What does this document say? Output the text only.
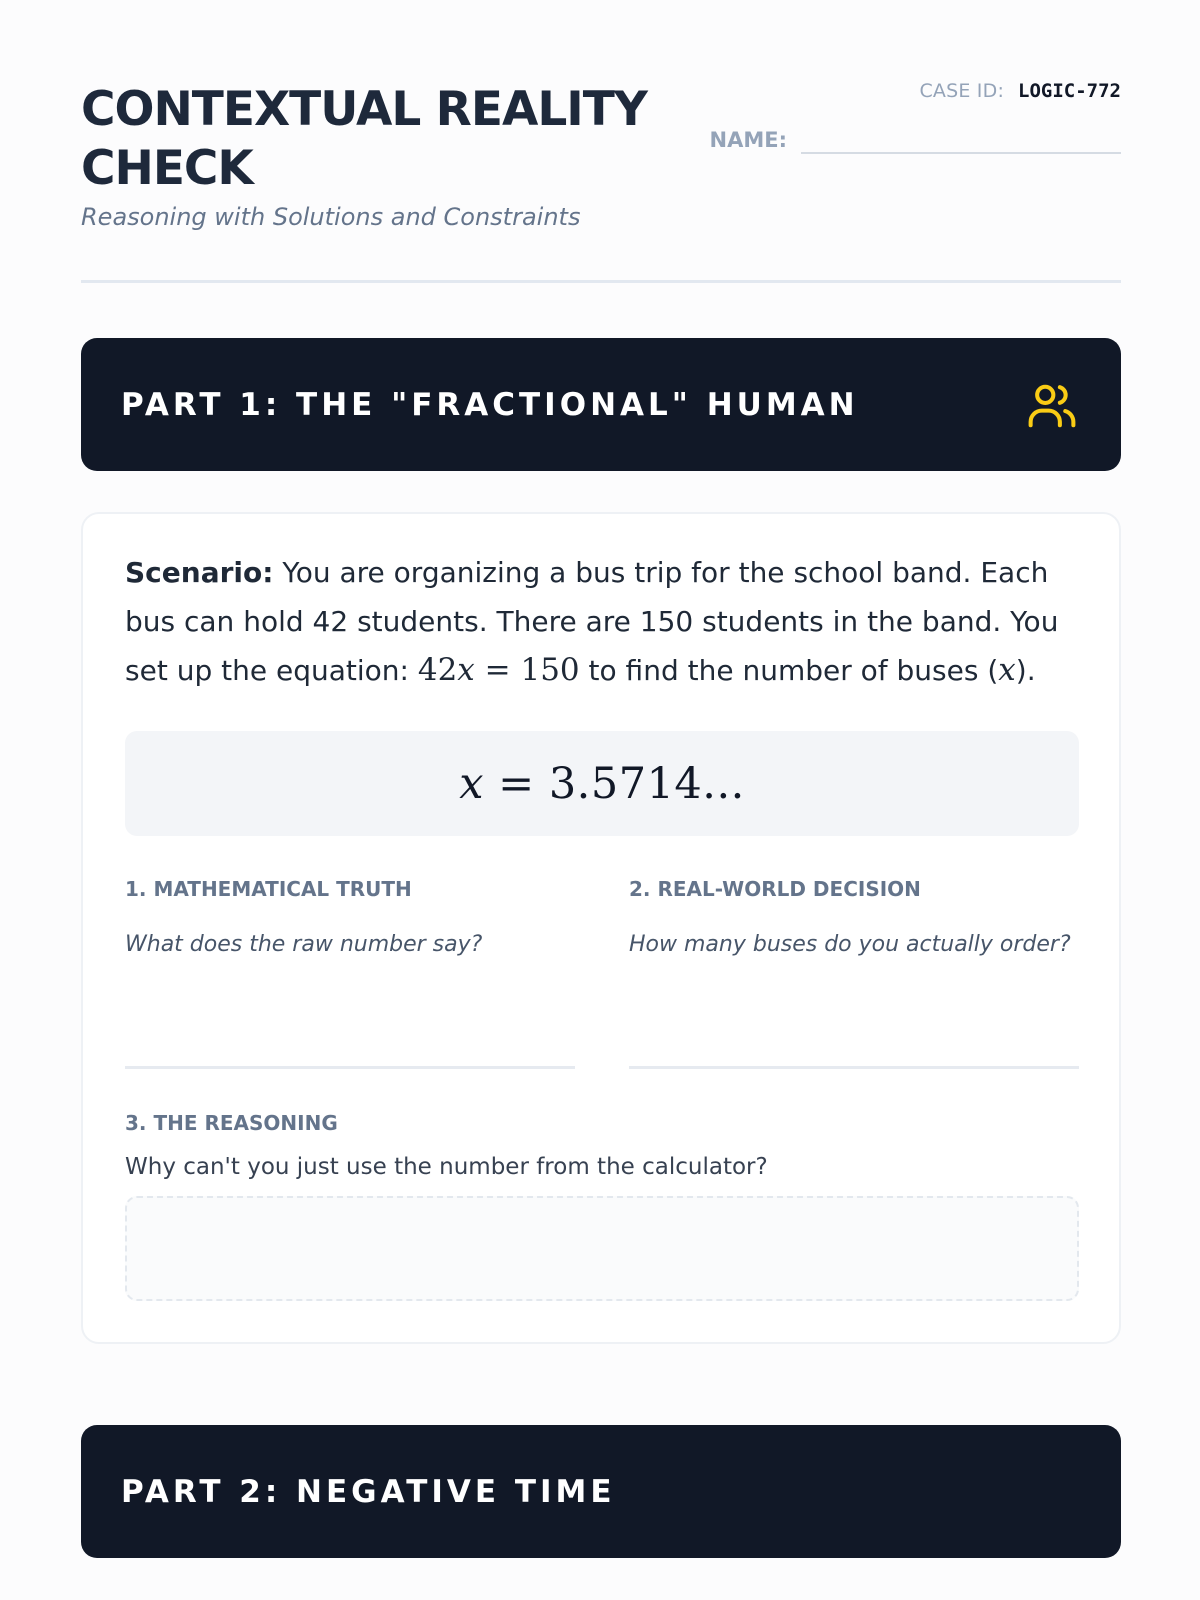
CONTEXTUAL REALITY CHECK
Reasoning with Solutions and Constraints
CASE ID: LOGIC-772
NAME:
PART 1: THE "FRACTIONAL" HUMAN

Scenario: You are organizing a bus trip for the school band. Each bus can hold 42 students. There are 150 students in the band. You set up the equation: 42x = 150 to find the number of buses (x).

x = 3.5714...
1. MATHEMATICAL TRUTH
What does the raw number say?
2. REAL-WORLD DECISION
How many buses do you actually order?
3. THE REASONING
Why can't you just use the number from the calculator?
PART 2: NEGATIVE TIME
